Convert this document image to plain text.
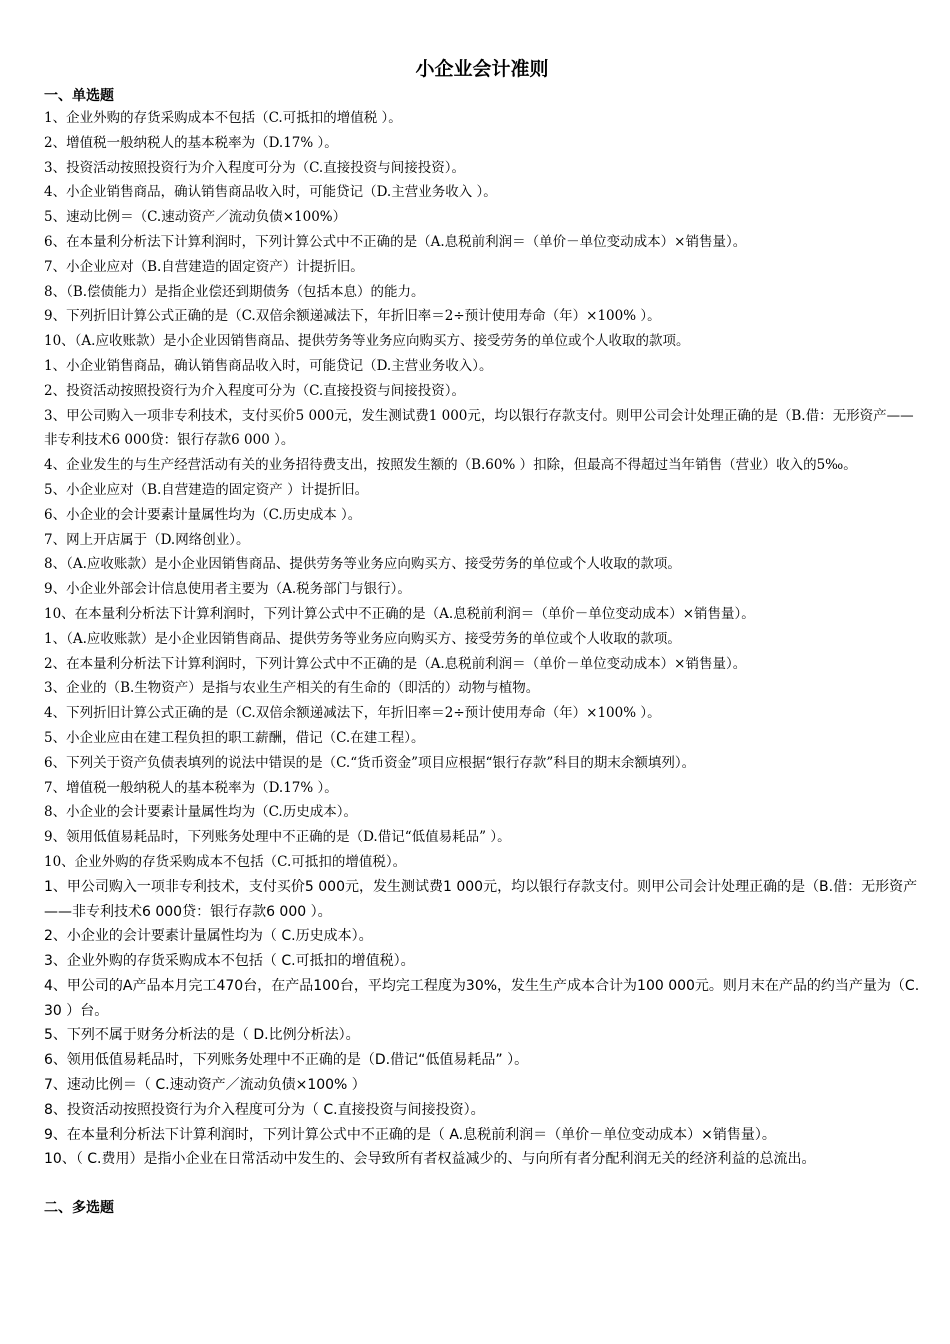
小企业会计准则
一、单选题

1、企业外购的存货采购成本不包括（C.可抵扣的增值税 ）。

2、增值税一般纳税人的基本税率为（D.17% ）。

3、投资活动按照投资行为介入程度可分为（C.直接投资与间接投资）。

4、小企业销售商品，确认销售商品收入时，可能贷记（D.主营业务收入 ）。

5、速动比例＝（C.速动资产／流动负债×100%）

6、在本量利分析法下计算利润时，下列计算公式中不正确的是（A.息税前利润＝（单价－单位变动成本）×销售量）。

7、小企业应对（B.自营建造的固定资产）计提折旧。

8、（B.偿债能力）是指企业偿还到期债务（包括本息）的能力。

9、下列折旧计算公式正确的是（C.双倍余额递减法下，年折旧率＝2÷预计使用寿命（年）×100% ）。

10、（A.应收账款）是小企业因销售商品、提供劳务等业务应向购买方、接受劳务的单位或个人收取的款项。

1、小企业销售商品，确认销售商品收入时，可能贷记（D.主营业务收入）。

2、投资活动按照投资行为介入程度可分为（C.直接投资与间接投资）。

3、甲公司购入一项非专利技术，支付买价5 000元，发生测试费1 000元，均以银行存款支付。则甲公司会计处理正确的是（B.借：无形资产——非专利技术6 000贷：银行存款6 000 ）。

4、企业发生的与生产经营活动有关的业务招待费支出，按照发生额的（B.60% ）扣除，但最高不得超过当年销售（营业）收入的5‰。

5、小企业应对（B.自营建造的固定资产 ）计提折旧。

6、小企业的会计要素计量属性均为（C.历史成本 ）。

7、网上开店属于（D.网络创业）。

8、（A.应收账款）是小企业因销售商品、提供劳务等业务应向购买方、接受劳务的单位或个人收取的款项。

9、小企业外部会计信息使用者主要为（A.税务部门与银行）。

10、在本量利分析法下计算利润时，下列计算公式中不正确的是（A.息税前利润＝（单价－单位变动成本）×销售量）。

1、（A.应收账款）是小企业因销售商品、提供劳务等业务应向购买方、接受劳务的单位或个人收取的款项。

2、在本量利分析法下计算利润时，下列计算公式中不正确的是（A.息税前利润＝（单价－单位变动成本）×销售量）。

3、企业的（B.生物资产）是指与农业生产相关的有生命的（即活的）动物与植物。

4、下列折旧计算公式正确的是（C.双倍余额递减法下，年折旧率＝2÷预计使用寿命（年）×100% ）。

5、小企业应由在建工程负担的职工薪酬，借记（C.在建工程）。

6、下列关于资产负债表填列的说法中错误的是（C.“货币资金”项目应根据“银行存款”科目的期末余额填列）。

7、增值税一般纳税人的基本税率为（D.17% ）。

8、小企业的会计要素计量属性均为（C.历史成本）。

9、领用低值易耗品时，下列账务处理中不正确的是（D.借记“低值易耗品” ）。

10、企业外购的存货采购成本不包括（C.可抵扣的增值税）。

1、甲公司购入一项非专利技术，支付买价5 000元，发生测试费1 000元，均以银行存款支付。则甲公司会计处理正确的是（B.借：无形资产——非专利技术6 000贷：银行存款6 000 ）。

2、小企业的会计要素计量属性均为（ C.历史成本）。

3、企业外购的存货采购成本不包括（ C.可抵扣的增值税）。

4、甲公司的A产品本月完工470台，在产品100台，平均完工程度为30%，发生生产成本合计为100 000元。则月末在产品的约当产量为（C.30 ）台。

5、下列不属于财务分析法的是（ D.比例分析法）。

6、领用低值易耗品时，下列账务处理中不正确的是（D.借记“低值易耗品” ）。

7、速动比例＝（ C.速动资产／流动负债×100% ）

8、投资活动按照投资行为介入程度可分为（ C.直接投资与间接投资）。

9、在本量利分析法下计算利润时，下列计算公式中不正确的是（ A.息税前利润＝（单价－单位变动成本）×销售量）。

10、（ C.费用）是指小企业在日常活动中发生的、会导致所有者权益减少的、与向所有者分配利润无关的经济利益的总流出。

二、多选题
